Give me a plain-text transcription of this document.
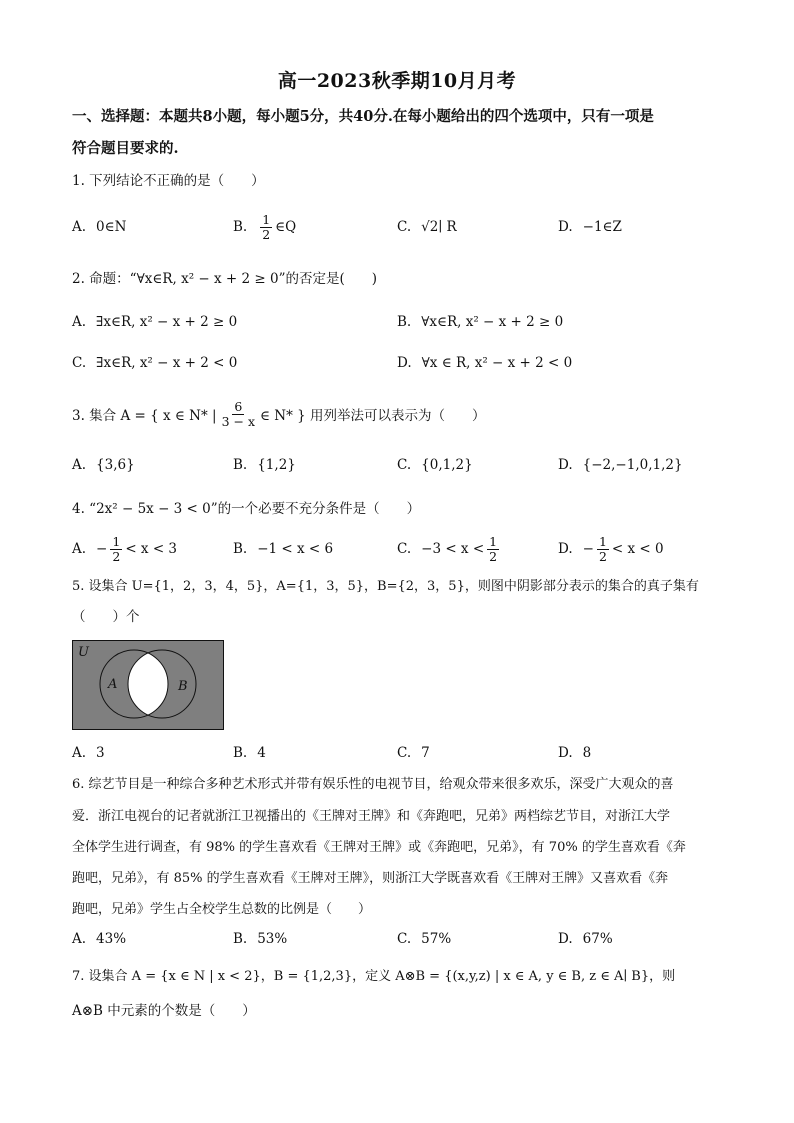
高一2023秋季期10月月考
一、选择题：本题共8小题，每小题5分，共40分.在每小题给出的四个选项中，只有一项是
符合题目要求的.
1. 下列结论不正确的是（　　）
A. 0∈N	B. $\frac{1}{2}$ ∈Q	C. √2∣ R	D. −1∈Z
2. 命题：“∀x∈R, x² − x + 2 ≥ 0”的否定是(　　)
A. ∃x∈R, x² − x + 2 ≥ 0	B. ∀x∈R, x² − x + 2 ≥ 0
C. ∃x∈R, x² − x + 2 < 0	D. ∀x ∈ R, x² − x + 2 < 0
3. 集合 A = { x ∈ N* | $\frac{6}{3 - x}$ ∈ N* } 用列举法可以表示为（　　）
A. {3,6}	B. {1,2}	C. {0,1,2}	D. {−2,−1,0,1,2}
4. “2x² − 5x − 3 < 0”的一个必要不充分条件是（　　）
A. − $\frac{1}{2} < x < 3$	B. −1 < x < 6	C. $-3 < x < \frac{1}{2}$	D. − $\frac{1}{2} < x < 0$
5. 设集合 U={1，2，3，4，5}，A={1，3，5}，B={2，3，5}，则图中阴影部分表示的集合的真子集有
（　　）个
U
A	B
A. 3	B. 4	C. 7	D. 8
6. 综艺节目是一种综合多种艺术形式并带有娱乐性的电视节目，给观众带来很多欢乐，深受广大观众的喜
爱．浙江电视台的记者就浙江卫视播出的《王牌对王牌》和《奔跑吧，兄弟》两档综艺节目，对浙江大学
全体学生进行调查，有 98% 的学生喜欢看《王牌对王牌》或《奔跑吧，兄弟》，有 70% 的学生喜欢看《奔
跑吧，兄弟》，有 85% 的学生喜欢看《王牌对王牌》，则浙江大学既喜欢看《王牌对王牌》又喜欢看《奔
跑吧，兄弟》学生占全校学生总数的比例是（　　）
A. 43%	B. 53%	C. 57%	D. 67%
7. 设集合 A = {x ∈ N | x < 2}，B = {1,2,3}，定义 A⊗B = {(x,y,z) | x ∈ A, y ∈ B, z ∈ A∣ B}，则
A⊗B 中元素的个数是（　　）
